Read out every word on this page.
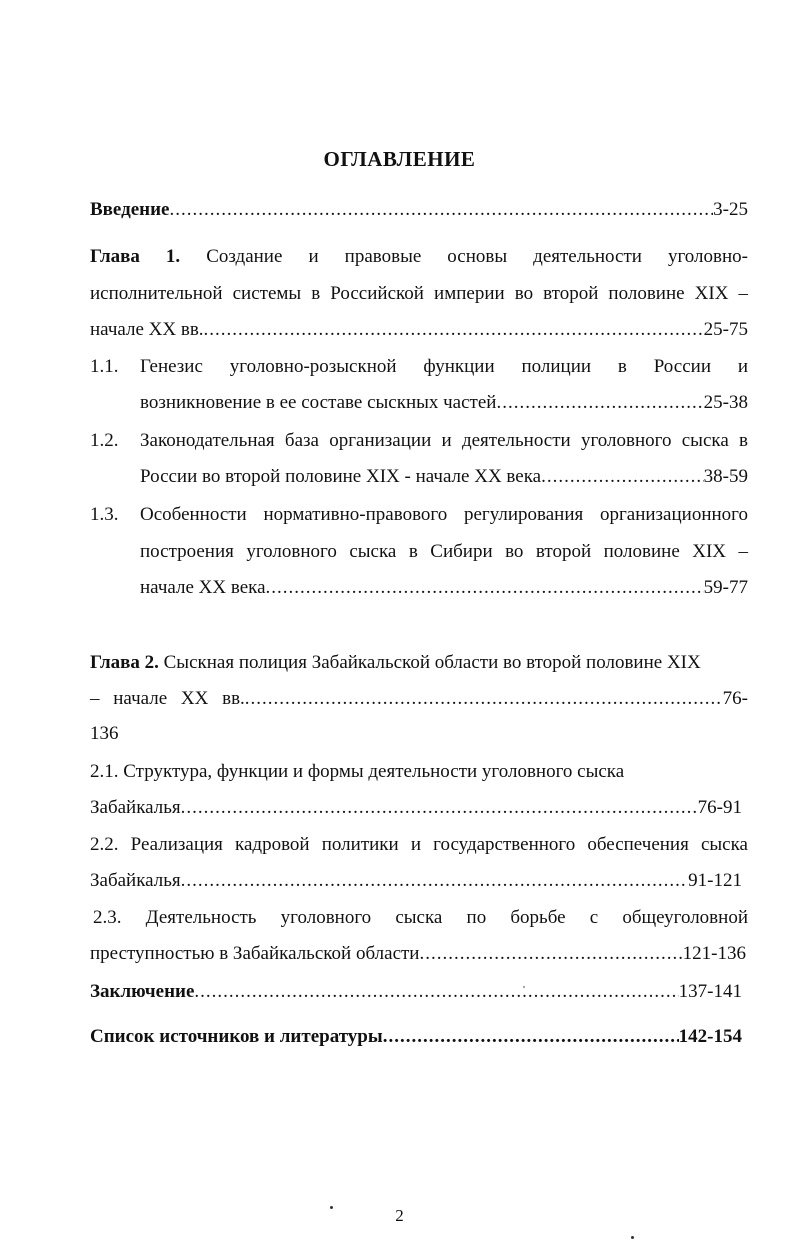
ОГЛАВЛЕНИЕ
Введение .....	3-25
Глава 1. Создание и правовые основы деятельности уголовно-
исполнительной системы в Российской империи во второй половине XIX –
начале XX вв. .....	25-75
1.1. Генезис уголовно-розыскной функции полиции в России и
возникновение в ее составе сыскных частей .....	25-38
1.2. Законодательная база организации и деятельности уголовного сыска в
России во второй половине XIX - начале XX века .....	38-59
1.3. Особенности нормативно-правового регулирования организационного
построения уголовного сыска в Сибири во второй половине XIX –
начале XX века .....	59-77
Глава 2. Сыскная полиция Забайкальской области во второй половине XIX
– начале XX вв. .....	76-
136
2.1. Структура, функции и формы деятельности уголовного сыска
Забайкалья .....	76-91
2.2. Реализация кадровой политики и государственного обеспечения сыска
Забайкалья .....	91-121
2.3. Деятельность уголовного сыска по борьбе с общеуголовной
преступностью в Забайкальской области .....	121-136
Заключение .....	137-141
Список источников и литературы .....	142-154
2
